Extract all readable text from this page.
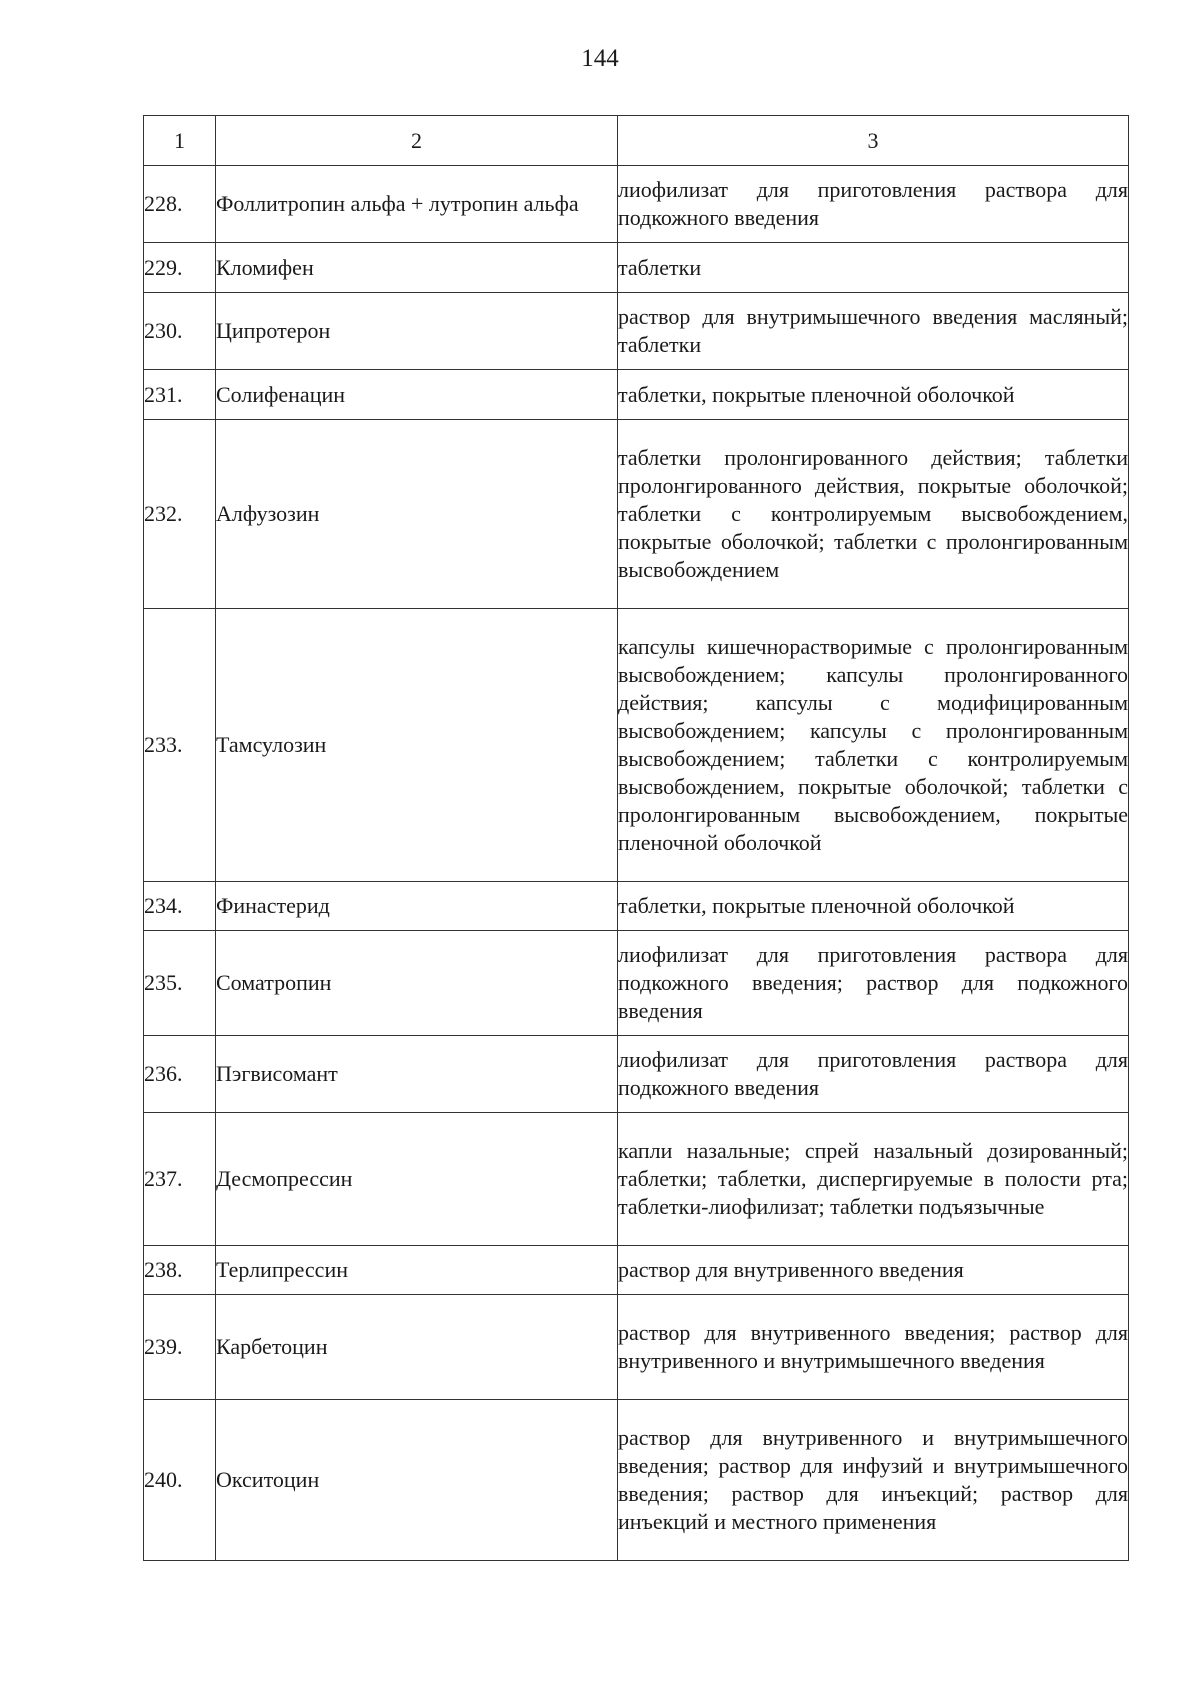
144
1	2	3
228.	Фоллитропин альфа + лутропин альфа	лиофилизат для приготовления раствора для подкожного введения
229.	Кломифен	таблетки
230.	Ципротерон	раствор для внутримышечного введения масляный; таблетки
231.	Солифенацин	таблетки, покрытые пленочной оболочкой
232.	Алфузозин	таблетки пролонгированного действия; таблетки пролонгированного действия, покрытые оболочкой; таблетки с контролируемым высвобождением, покрытые оболочкой; таблетки с пролонгированным высвобождением
233.	Тамсулозин	капсулы кишечнорастворимые с пролонгированным высвобождением; капсулы пролонгированного действия; капсулы с модифицированным высвобождением; капсулы с пролонгированным высвобождением; таблетки с контролируемым высвобождением, покрытые оболочкой; таблетки с пролонгированным высвобождением, покрытые пленочной оболочкой
234.	Финастерид	таблетки, покрытые пленочной оболочкой
235.	Соматропин	лиофилизат для приготовления раствора для подкожного введения; раствор для подкожного введения
236.	Пэгвисомант	лиофилизат для приготовления раствора для подкожного введения
237.	Десмопрессин	капли назальные; спрей назальный дозированный; таблетки; таблетки, диспергируемые в полости рта; таблетки-лиофилизат; таблетки подъязычные
238.	Терлипрессин	раствор для внутривенного введения
239.	Карбетоцин	раствор для внутривенного введения; раствор для внутривенного и внутримышечного введения
240.	Окситоцин	раствор для внутривенного и внутримышечного введения; раствор для инфузий и внутримышечного введения; раствор для инъекций; раствор для инъекций и местного применения
